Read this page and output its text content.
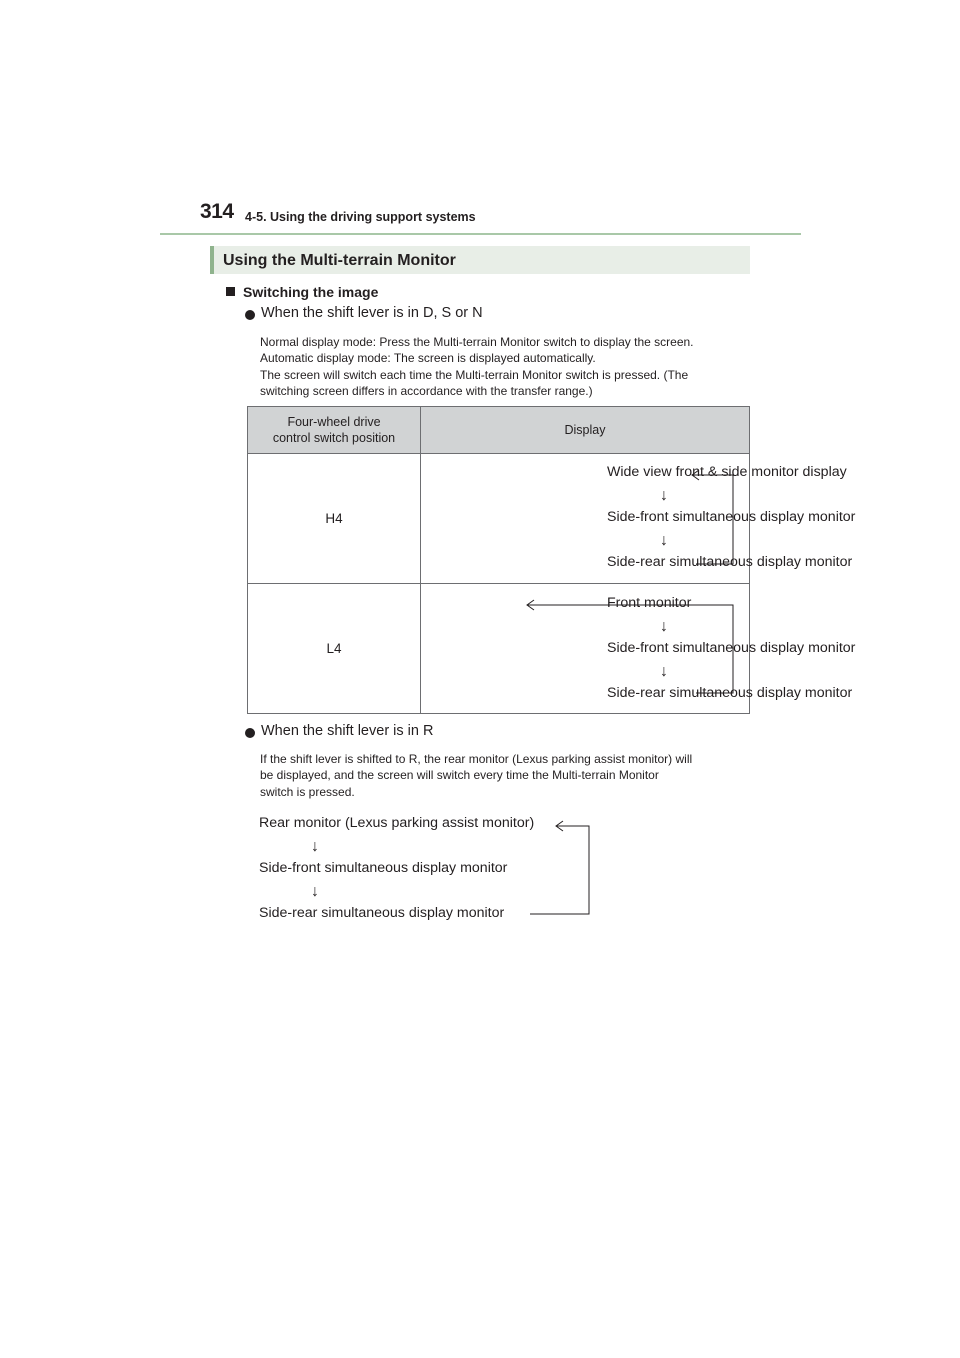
314 4-5. Using the driving support systems
Using the Multi-terrain Monitor
Switching the image
When the shift lever is in D, S or N
Normal display mode: Press the Multi-terrain Monitor switch to display the screen.
Automatic display mode: The screen is displayed automatically.
The screen will switch each time the Multi-terrain Monitor switch is pressed. (The
switching screen differs in accordance with the transfer range.)
Four-wheel drive
control switch position	Display
H4	Wide view front & side monitor display
↓
Side-front simultaneous display monitor
↓
Side-rear simultaneous display monitor

L4	Front monitor
↓
Side-front simultaneous display monitor
↓
Side-rear simultaneous display monitor
When the shift lever is in R
If the shift lever is shifted to R, the rear monitor (Lexus parking assist monitor) will
be displayed, and the screen will switch every time the Multi-terrain Monitor
switch is pressed.
Rear monitor (Lexus parking assist monitor)
↓
Side-front simultaneous display monitor
↓
Side-rear simultaneous display monitor
